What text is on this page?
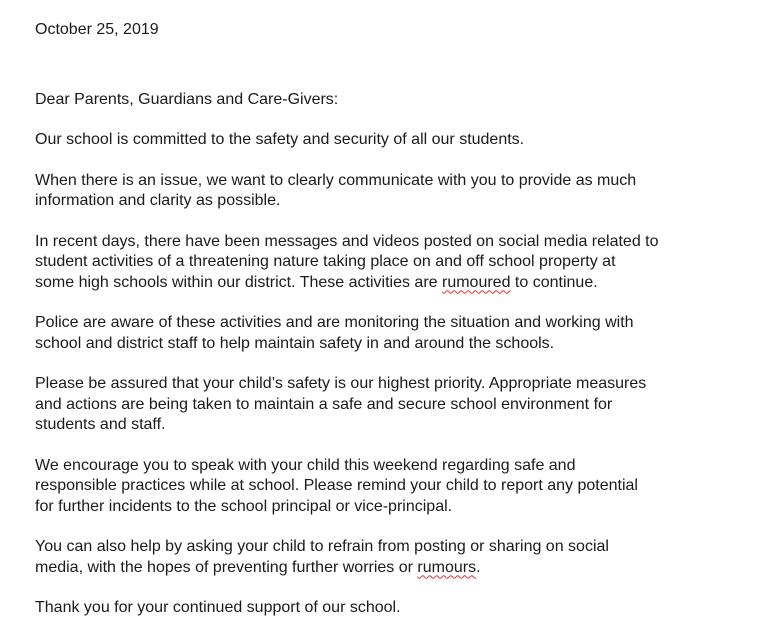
October 25, 2019

Dear Parents, Guardians and Care-Givers:

Our school is committed to the safety and security of all our students.

When there is an issue, we want to clearly communicate with you to provide as much
information and clarity as possible.

In recent days, there have been messages and videos posted on social media related to
student activities of a threatening nature taking place on and off school property at
some high schools within our district. These activities are rumoured to continue.

Police are aware of these activities and are monitoring the situation and working with
school and district staff to help maintain safety in and around the schools.

Please be assured that your child’s safety is our highest priority. Appropriate measures
and actions are being taken to maintain a safe and secure school environment for
students and staff.

We encourage you to speak with your child this weekend regarding safe and
responsible practices while at school. Please remind your child to report any potential
for further incidents to the school principal or vice-principal.

You can also help by asking your child to refrain from posting or sharing on social
media, with the hopes of preventing further worries or rumours.

Thank you for your continued support of our school.
